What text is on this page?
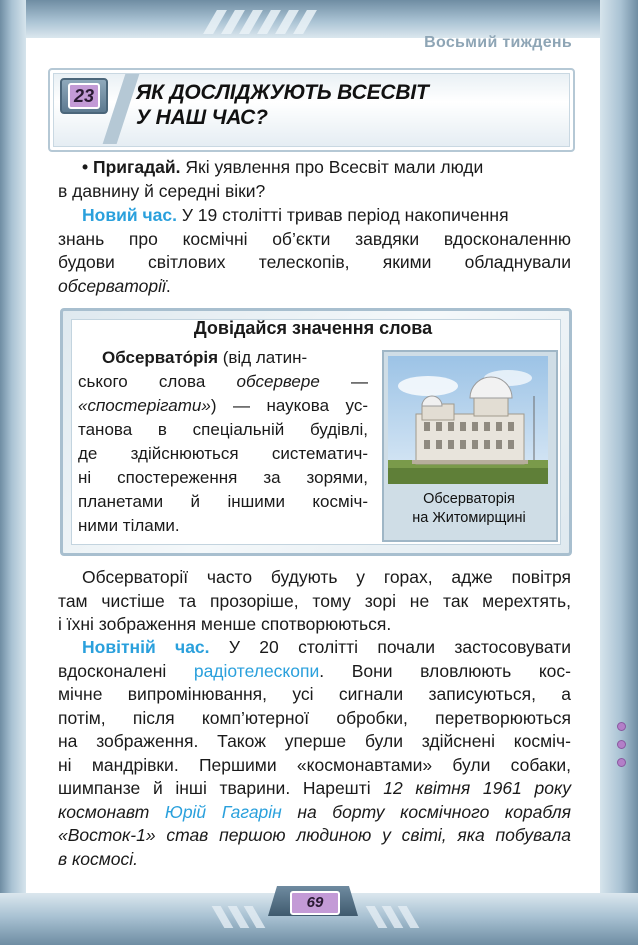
Восьмий тиждень
23 ЯК ДОСЛІДЖУЮТЬ ВСЕСВІТ
У НАШ ЧАС?
• Пригадай. Які уявлення про Всесвіт мали люди
в давнину й середні віки?
Новий час. У 19 столітті тривав період накопичення
знань про космічні об’єкти завдяки вдосконаленню
будови світлових телескопів, якими обладнували
обсерваторії.
Довідайся значення слова
Обсервато́рія (від латин-
ського слова обсервере —
«спостерігати») — наукова ус-
танова в спеціальній будівлі,
де здійснюються систематич-
ні спостереження за зорями,
планетами й іншими косміч-
ними тілами.
Обсерваторія
на Житомирщині
Обсерваторії часто будують у горах, адже повітря
там чистіше та прозоріше, тому зорі не так мерехтять,
і їхні зображення менше спотворюються.
Новітній час. У 20 столітті почали застосовувати
вдосконалені радіотелескопи. Вони вловлюють кос-
мічне випромінювання, усі сигнали записуються, а
потім, після комп’ютерної обробки, перетворюються
на зображення. Також уперше були здійснені косміч-
ні мандрівки. Першими «космонавтами» були собаки,
шимпанзе й інші тварини. Нарешті 12 квітня 1961 року
космонавт Юрій Гагарін на борту космічного корабля
«Восток-1» став першою людиною у світі, яка побувала
в космосі.
69
